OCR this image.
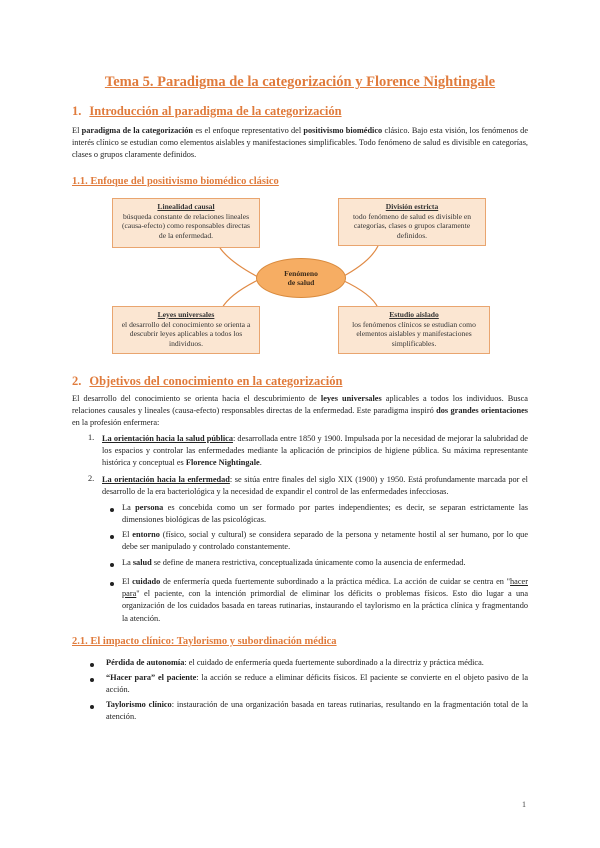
Tema 5. Paradigma de la categorización y Florence Nightingale
1. Introducción al paradigma de la categorización
El paradigma de la categorización es el enfoque representativo del positivismo biomédico clásico. Bajo esta visión, los fenómenos de interés clínico se estudian como elementos aislables y manifestaciones simplificables. Todo fenómeno de salud es divisible en categorías, clases o grupos claramente definidos.
1.1. Enfoque del positivismo biomédico clásico
Linealidad causal
búsqueda constante de relaciones lineales (causa-efecto) como responsables directas de la enfermedad.
División estricta
todo fenómeno de salud es divisible en categorías, clases o grupos claramente definidos.
Fenómeno
de salud
Leyes universales
el desarrollo del conocimiento se orienta a descubrir leyes aplicables a todos los individuos.
Estudio aislado
los fenómenos clínicos se estudian como elementos aislables y manifestaciones simplificables.
2. Objetivos del conocimiento en la categorización
El desarrollo del conocimiento se orienta hacia el descubrimiento de leyes universales aplicables a todos los individuos. Busca relaciones causales y lineales (causa-efecto) responsables directas de la enfermedad. Este paradigma inspiró dos grandes orientaciones en la profesión enfermera:
1. La orientación hacia la salud pública: desarrollada entre 1850 y 1900. Impulsada por la necesidad de mejorar la salubridad de los espacios y controlar las enfermedades mediante la aplicación de principios de higiene pública. Su máxima representante histórica y conceptual es Florence Nightingale.
2. La orientación hacia la enfermedad: se sitúa entre finales del siglo XIX (1900) y 1950. Está profundamente marcada por el desarrollo de la era bacteriológica y la necesidad de expandir el control de las enfermedades infecciosas.
La persona es concebida como un ser formado por partes independientes; es decir, se separan estrictamente las dimensiones biológicas de las psicológicas.
El entorno (físico, social y cultural) se considera separado de la persona y netamente hostil al ser humano, por lo que debe ser manipulado y controlado constantemente.
La salud se define de manera restrictiva, conceptualizada únicamente como la ausencia de enfermedad.
El cuidado de enfermería queda fuertemente subordinado a la práctica médica. La acción de cuidar se centra en "hacer para" el paciente, con la intención primordial de eliminar los déficits o problemas físicos. Esto dio lugar a una organización de los cuidados basada en tareas rutinarias, instaurando el taylorismo en la práctica clínica y fragmentando la atención.
2.1. El impacto clínico: Taylorismo y subordinación médica
Pérdida de autonomía: el cuidado de enfermería queda fuertemente subordinado a la directriz y práctica médica.
“Hacer para” el paciente: la acción se reduce a eliminar déficits físicos. El paciente se convierte en el objeto pasivo de la acción.
Taylorismo clínico: instauración de una organización basada en tareas rutinarias, resultando en la fragmentación total de la atención.
1
